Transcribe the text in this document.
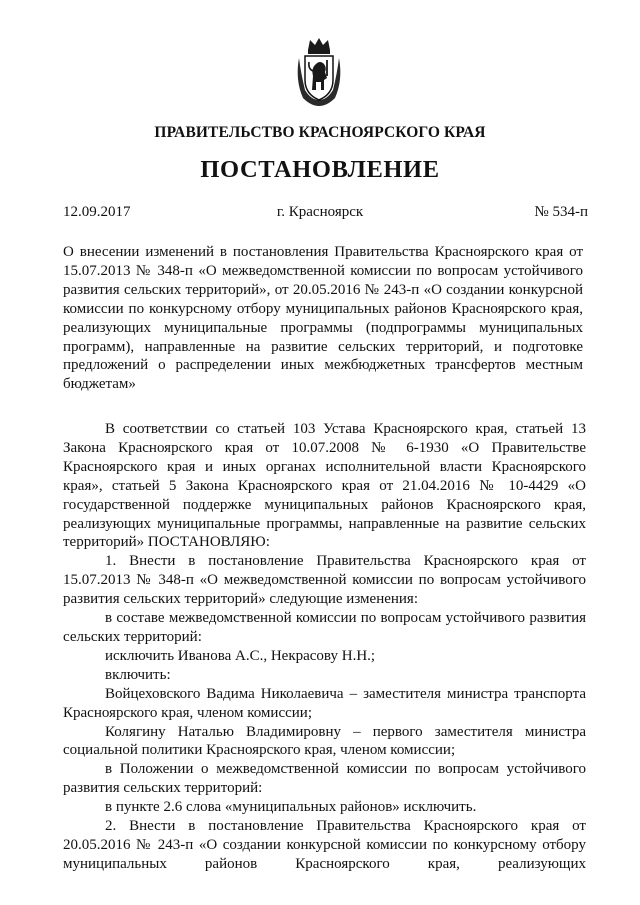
ПРАВИТЕЛЬСТВО КРАСНОЯРСКОГО КРАЯ
ПОСТАНОВЛЕНИЕ
12.09.2017	г. Красноярск	№ 534-п
О внесении изменений в постановления Правительства Красноярского края от 15.07.2013 № 348-п «О межведомственной комиссии по вопросам устойчивого развития сельских территорий», от 20.05.2016 № 243-п «О создании конкурсной комиссии по конкурсному отбору муниципальных районов Красноярского края, реализующих муниципальные программы (подпрограммы муниципальных программ), направленные на развитие сельских территорий, и подготовке предложений о распределении иных межбюджетных трансфертов местным бюджетам»

В соответствии со статьей 103 Устава Красноярского края, статьей 13 Закона Красноярского края от 10.07.2008 № 6-1930 «О Правительстве Красноярского края и иных органах исполнительной власти Красноярского края», статьей 5 Закона Красноярского края от 21.04.2016 № 10-4429 «О государственной поддержке муниципальных районов Красноярского края, реализующих муниципальные программы, направленные на развитие сельских территорий» ПОСТАНОВЛЯЮ:

1. Внести в постановление Правительства Красноярского края от 15.07.2013 № 348-п «О межведомственной комиссии по вопросам устойчивого развития сельских территорий» следующие изменения:

в составе межведомственной комиссии по вопросам устойчивого развития сельских территорий:

исключить Иванова А.С., Некрасову Н.Н.;

включить:

Войцеховского Вадима Николаевича – заместителя министра транспорта Красноярского края, членом комиссии;

Колягину Наталью Владимировну – первого заместителя министра социальной политики Красноярского края, членом комиссии;

в Положении о межведомственной комиссии по вопросам устойчивого развития сельских территорий:

в пункте 2.6 слова «муниципальных районов» исключить.

2. Внести в постановление Правительства Красноярского края от 20.05.2016 № 243-п «О создании конкурсной комиссии по конкурсному отбору муниципальных районов Красноярского края, реализующих
